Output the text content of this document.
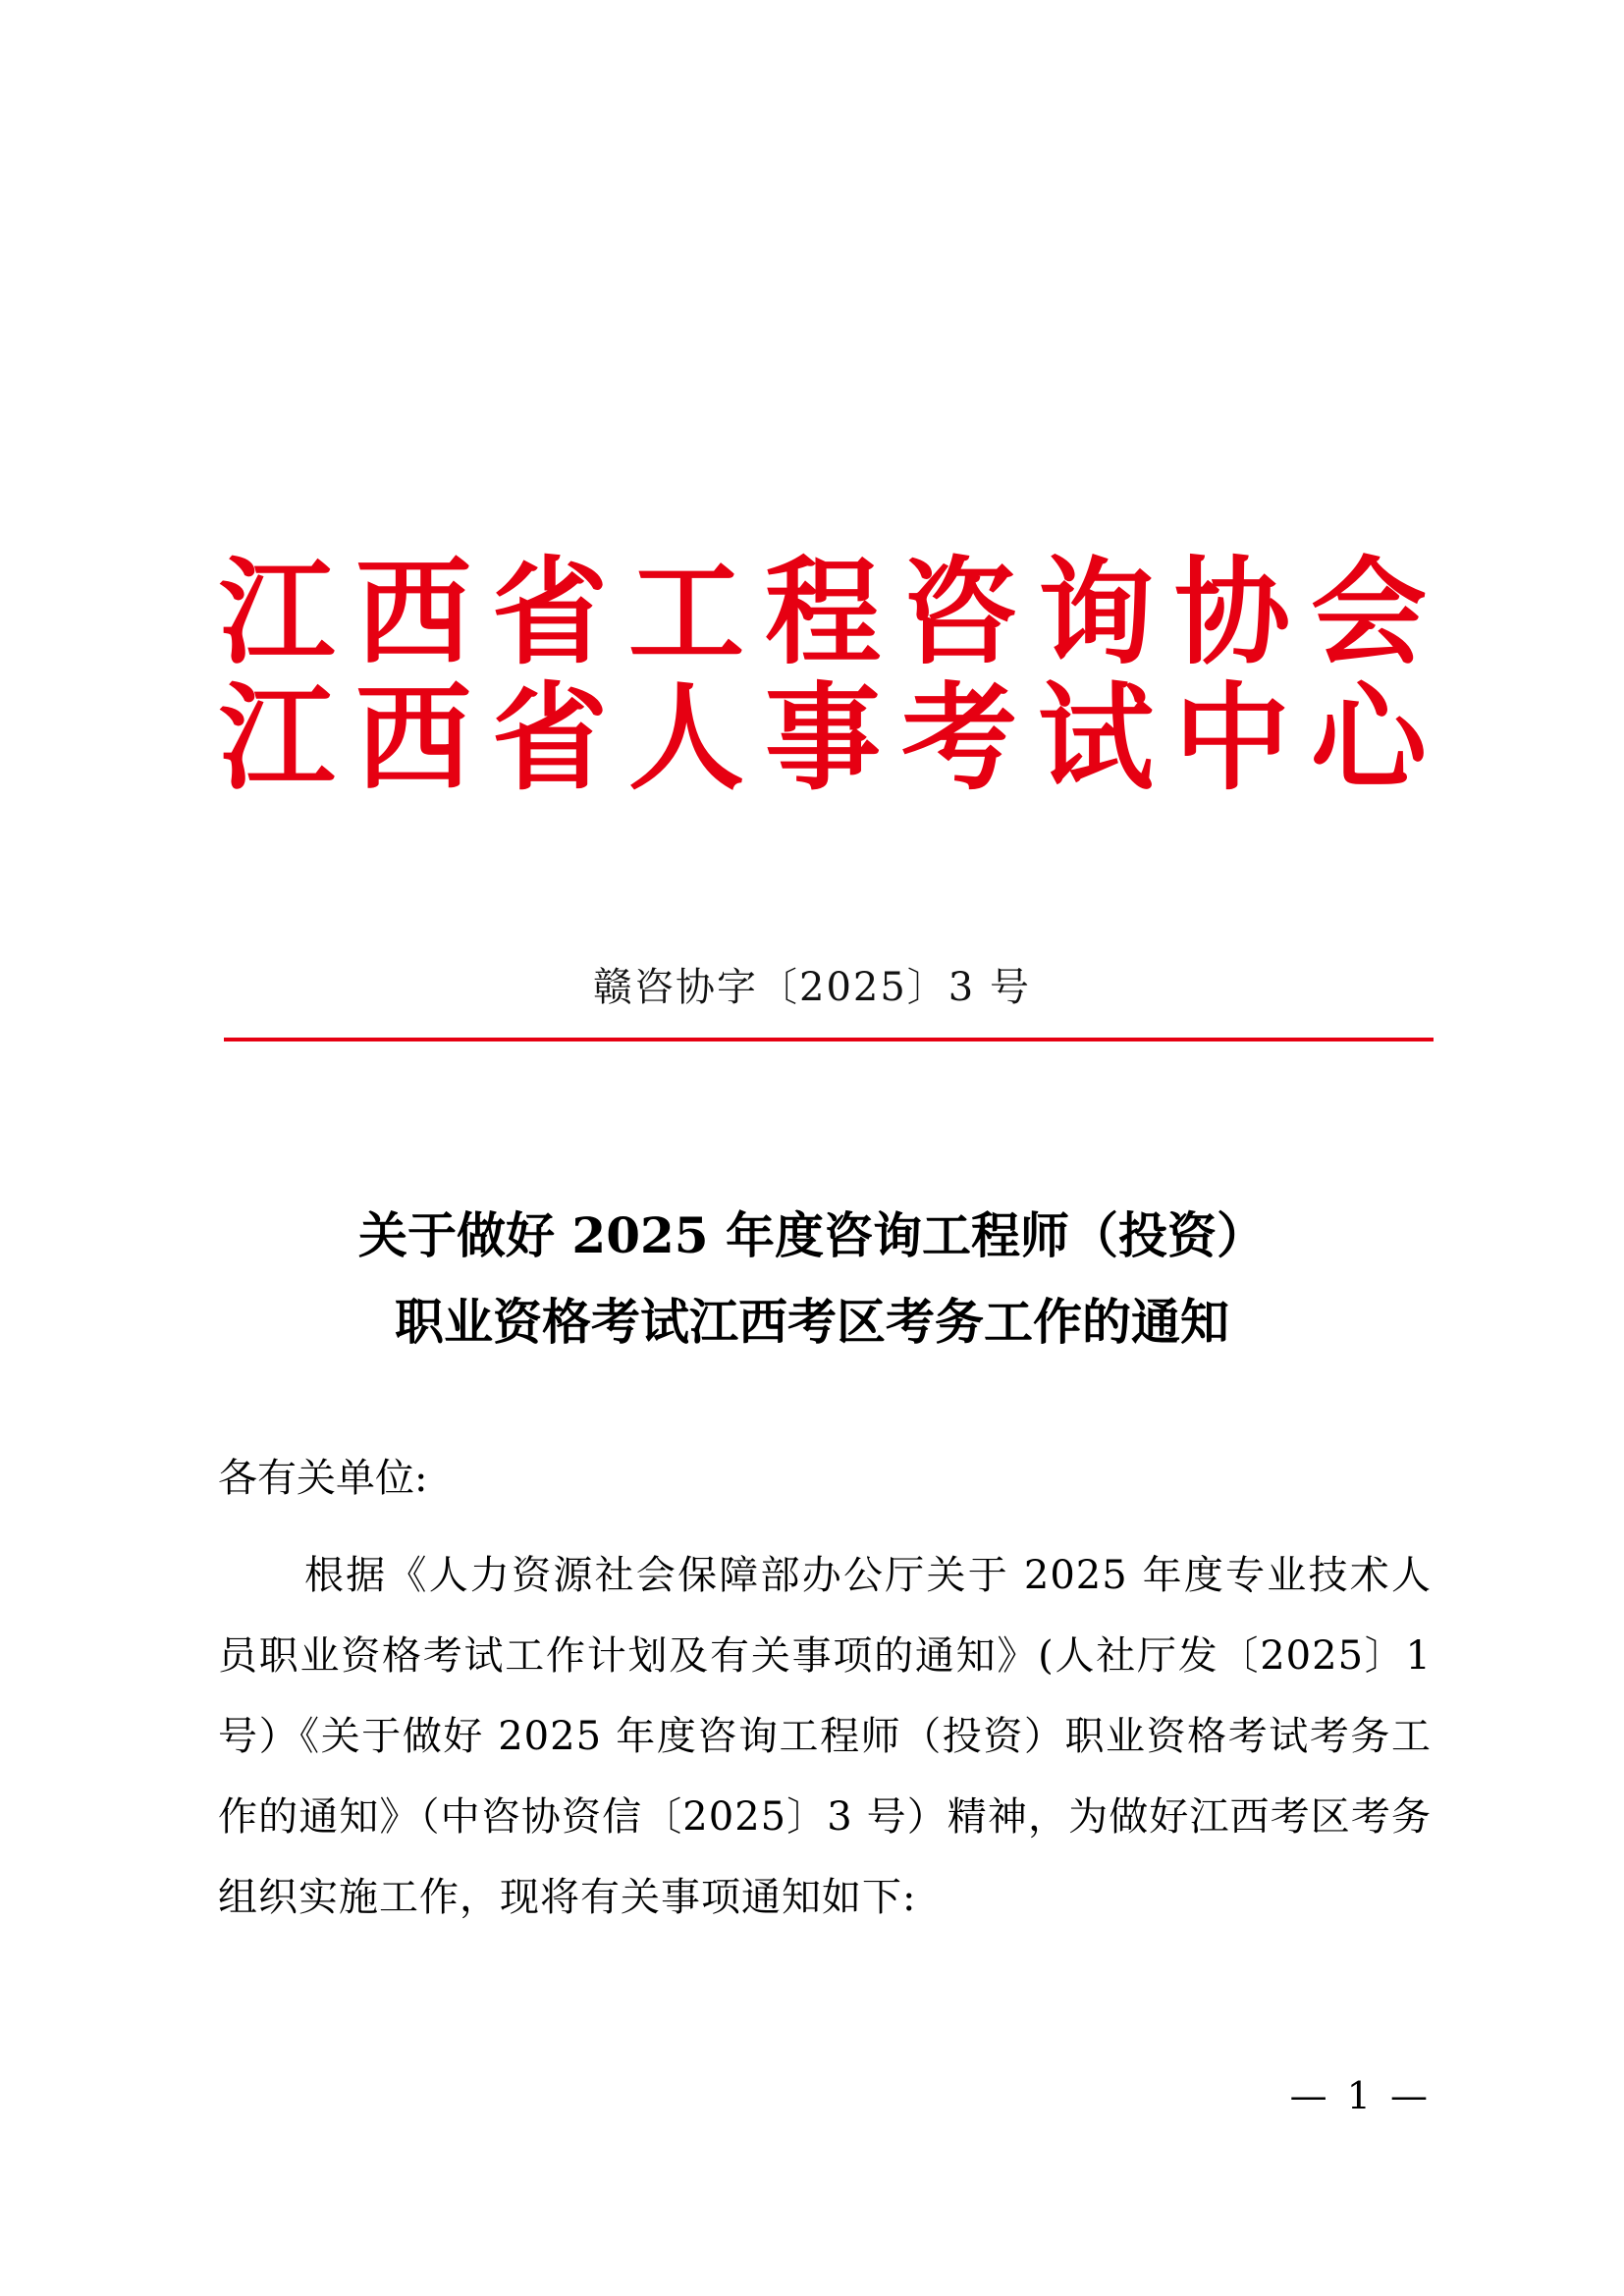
江 西 省 工 程 咨 询 协 会
江 西 省 人 事 考 试 中 心
赣咨协字〔2025〕3 号
关于做好 2025 年度咨询工程师（投资）
职业资格考试江西考区考务工作的通知
各有关单位:
根据《人力资源社会保障部办公厅关于 2025 年度专业技术人员职业资格考试工作计划及有关事项的通知》(人社厅发〔2025〕1 号）《关于做好 2025 年度咨询工程师（投资）职业资格考试考务工作的通知》（中咨协资信〔2025〕3 号）精神，为做好江西考区考务组织实施工作，现将有关事项通知如下:
— 1 —
